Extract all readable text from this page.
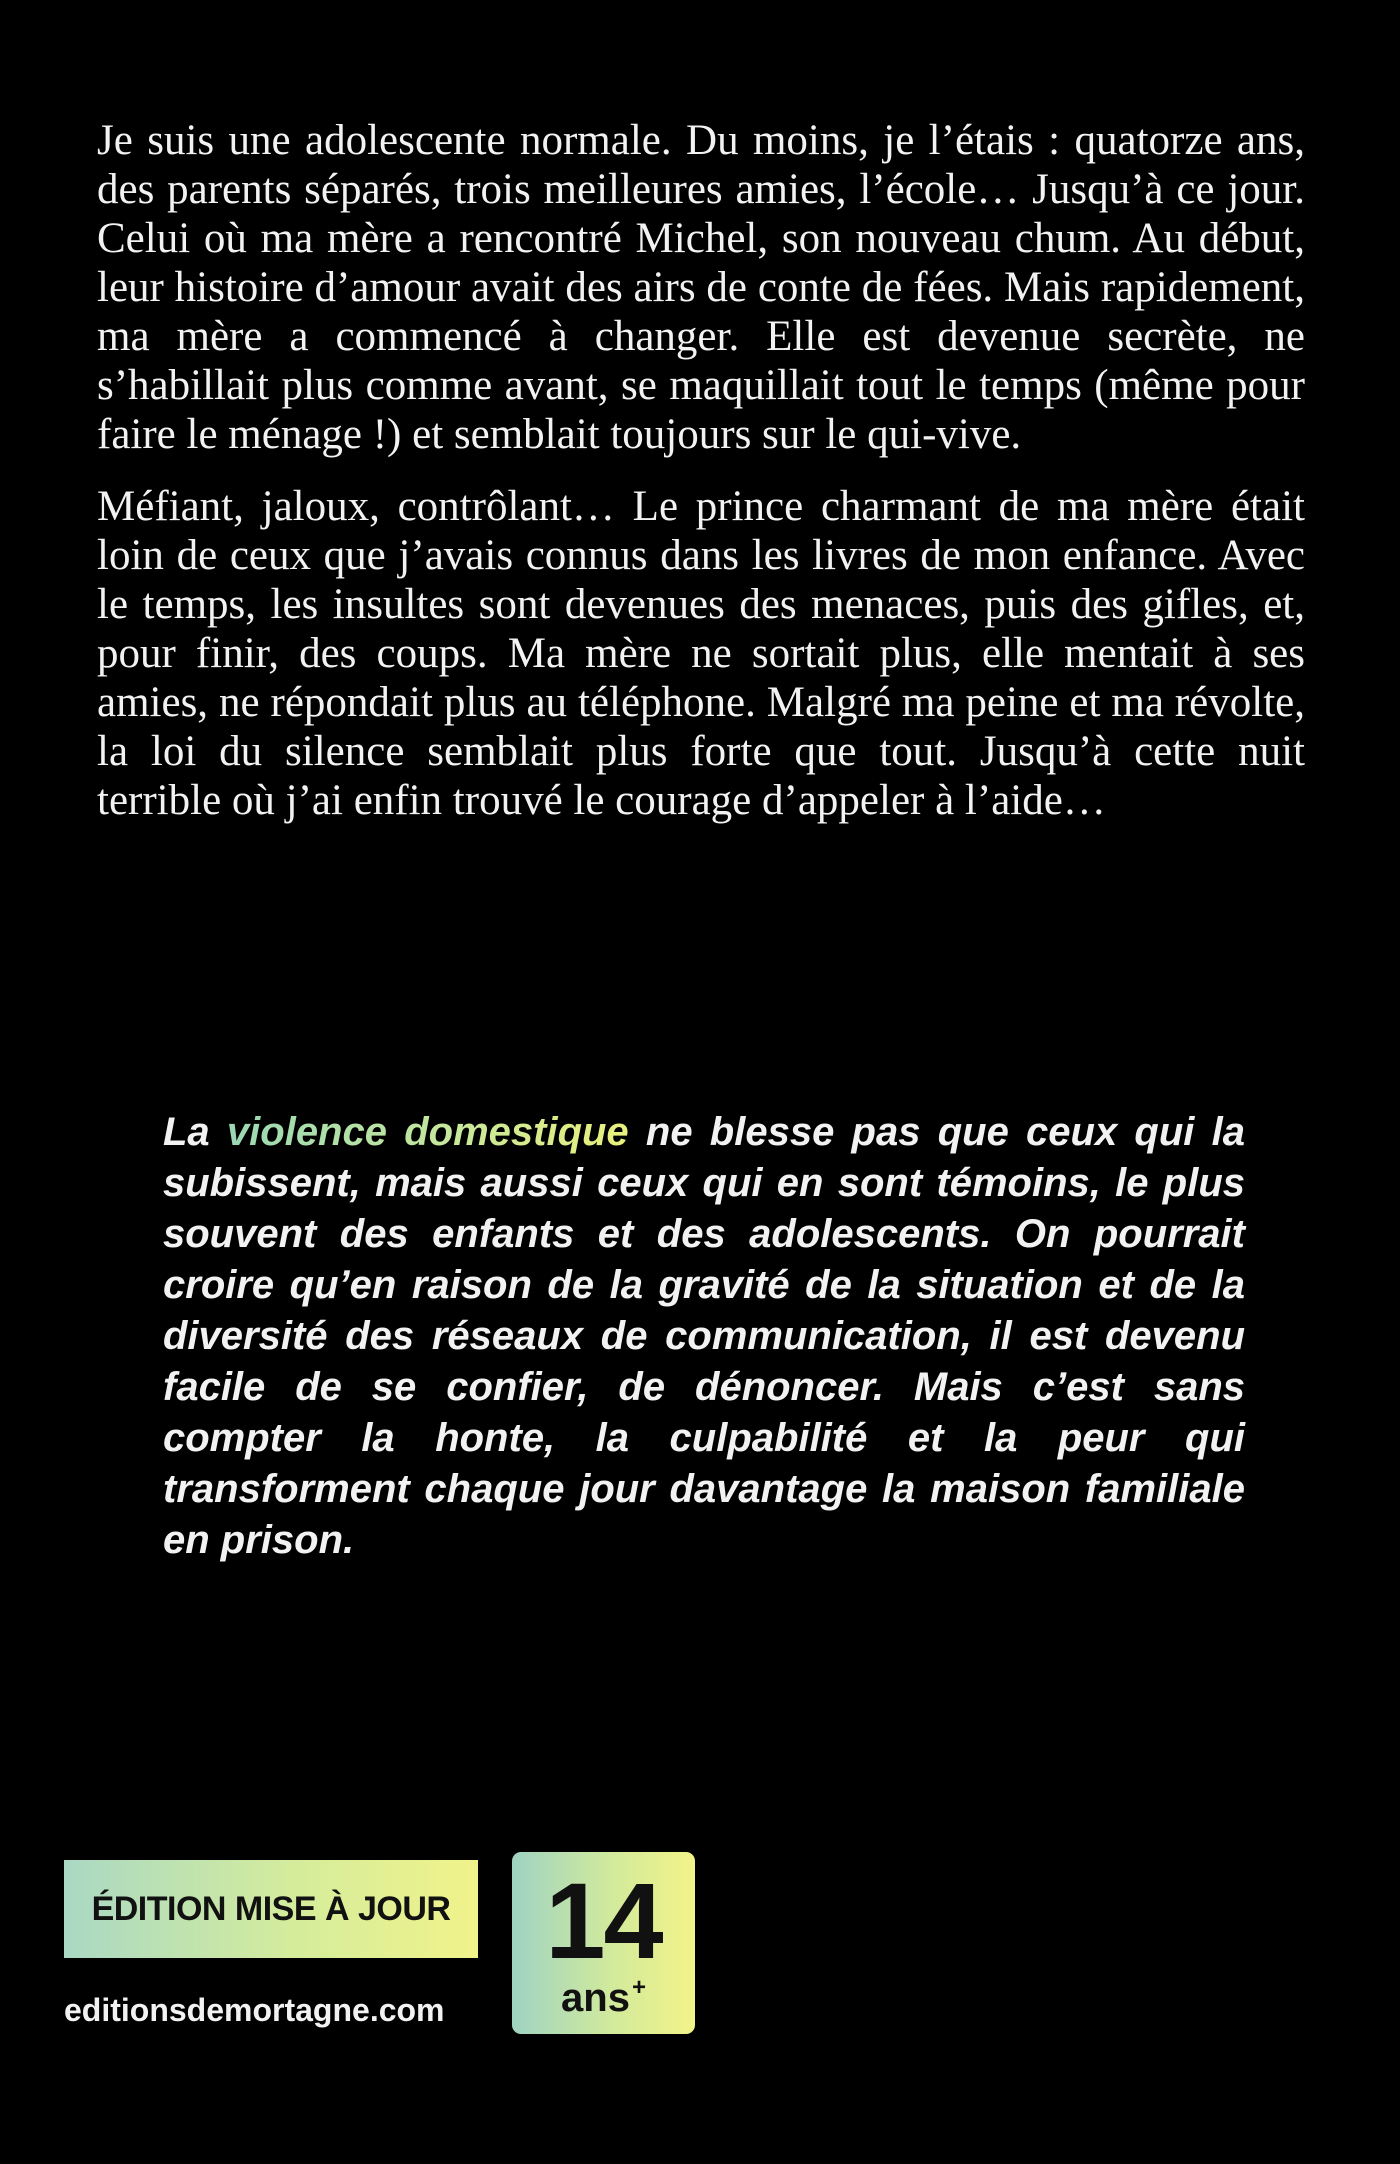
Je suis une adolescente normale. Du moins, je l’étais : quatorze ans, des parents séparés, trois meilleures amies, l’école… Jusqu’à ce jour. Celui où ma mère a rencontré Michel, son nouveau chum. Au début, leur histoire d’amour avait des airs de conte de fées. Mais rapidement, ma mère a commencé à changer. Elle est devenue secrète, ne s’habillait plus comme avant, se maquillait tout le temps (même pour faire le ménage !) et semblait toujours sur le qui-vive.

Méfiant, jaloux, contrôlant… Le prince charmant de ma mère était loin de ceux que j’avais connus dans les livres de mon enfance. Avec le temps, les insultes sont devenues des menaces, puis des gifles, et, pour finir, des coups. Ma mère ne sortait plus, elle mentait à ses amies, ne répondait plus au téléphone. Malgré ma peine et ma révolte, la loi du silence semblait plus forte que tout. Jusqu’à cette nuit terrible où j’ai enfin trouvé le courage d’appeler à l’aide…

La violence domestique ne blesse pas que ceux qui la subissent, mais aussi ceux qui en sont témoins, le plus souvent des enfants et des adolescents. On pourrait croire qu’en raison de la gravité de la situation et de la diversité des réseaux de communication, il est devenu facile de se confier, de dénoncer. Mais c’est sans compter la honte, la culpabilité et la peur qui transforment chaque jour davantage la maison familiale en prison.

ÉDITION MISE À JOUR
editionsdemortagne.com
14
ans+
